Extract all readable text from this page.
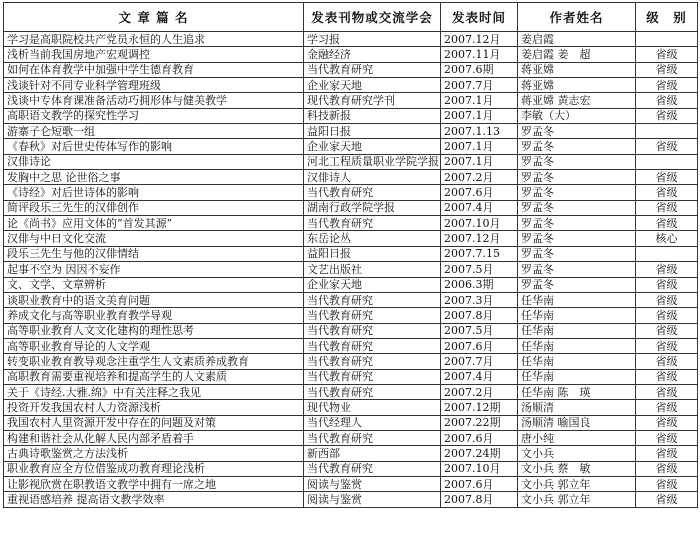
文 章 篇 名	发表刊物或交流学会	发表时间	作者姓名	级　别
学习是高职院校共产党员永恒的人生追求	学习报	2007.12月	姜启霞	
浅析当前我国房地产宏观调控	金融经济	2007.11月	姜启霞 姜　超	省级
如何在体育教学中加强中学生德育教育	当代教育研究	2007.6期	蒋亚嫦	省级
浅谈针对不同专业科学管理班级	企业家天地	2007.7月	蒋亚嫦	省级
浅谈中专体育课准备活动巧拥形体与健美教学	现代教育研究学刊	2007.1月	蒋亚嫦 黄志宏	省级
高职语文教学的探究性学习	科技新报	2007.1月	李敏（大）	省级
游寨子仑短歌一组	益阳日报	2007.1.13	罗孟冬	
《春秋》对后世史传体写作的影响	企业家天地	2007.1月	罗孟冬	省级
汉俳诗论	河北工程质量职业学院学报	2007.1月	罗孟冬	
发胸中之思 论世俗之事	汉俳诗人	2007.2月	罗孟冬	省级
《诗经》对后世诗体的影响	当代教育研究	2007.6月	罗孟冬	省级
简评段乐三先生的汉俳创作	湖南行政学院学报	2007.4月	罗孟冬	省级
论《尚书》应用文体的“首发其源”	当代教育研究	2007.10月	罗孟冬	省级
汉俳与中日文化交流	东岳论丛	2007.12月	罗孟冬	核心
段乐三先生与他的汉俳情结	益阳日报	2007.7.15	罗孟冬	
起事不空为 因因不妄作	文艺出版社	2007.5月	罗孟冬	省级
文、文学、文章辨析	企业家天地	2006.3期	罗孟冬	省级
谈职业教育中的语文美育问题	当代教育研究	2007.3月	任华南	省级
养成文化与高等职业教育教学导观	当代教育研究	2007.8月	任华南	省级
高等职业教育人文文化建构的理性思考	当代教育研究	2007.5月	任华南	省级
高等职业教育导论的人文学观	当代教育研究	2007.6月	任华南	省级
转变职业教育教导观念注重学生人文素质养成教育	当代教育研究	2007.7月	任华南	省级
高职教育需要重视培养和提高学生的人文素质	当代教育研究	2007.4月	任华南	省级
关于《诗经.大雅.绵》中有关注释之我见	当代教育研究	2007.2月	任华南 陈　瑛	省级
投资开发我国农村人力资源浅析	现代物业	2007.12期	汤顺清	省级
我国农村人里资源开发中存在的问题及对策	当代经理人	2007.22期	汤顺清 喻国良	省级
构建和谐社会从化解人民内部矛盾着手	当代教育研究	2007.6月	唐小纯	省级
古典诗歌鉴赏之方法浅析	新西部	2007.24期	文小兵	省级
职业教育应全方位借鉴成功教育理论浅析	当代教育研究	2007.10月	文小兵 蔡　敏	省级
让影视欣赏在职教语文教学中拥有一席之地	阅读与鉴赏	2007.6月	文小兵 郭立年	省级
重视语感培养 提高语文教学效率	阅读与鉴赏	2007.8月	文小兵 郭立年	省级
